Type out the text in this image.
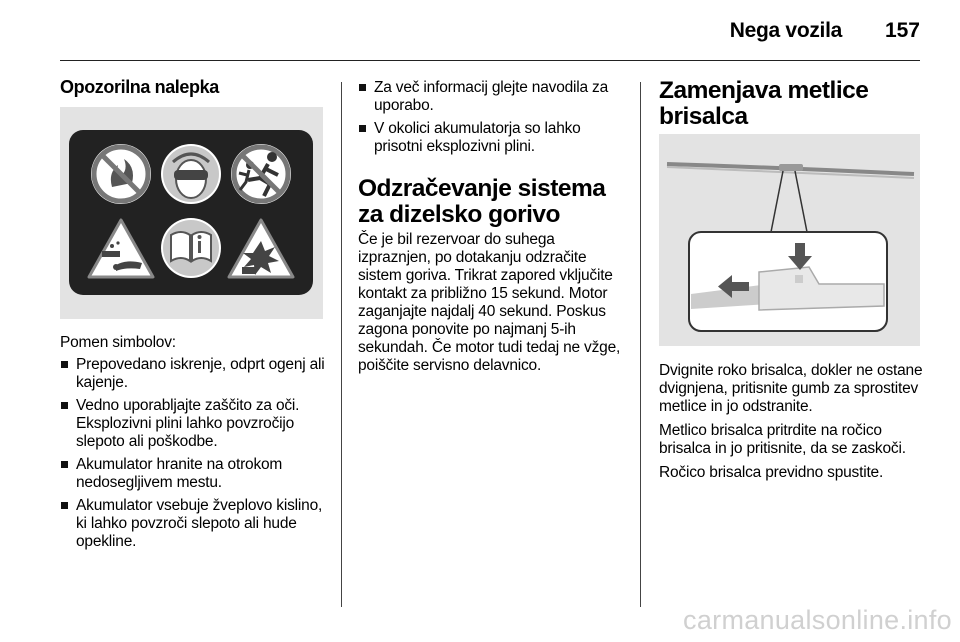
Nega vozila 157
Opozorilna nalepka
Pomen simbolov:
Prepovedano iskrenje, odprt ogenj ali kajenje.
Vedno uporabljajte zaščito za oči. Eksplozivni plini lahko povzročijo slepoto ali poškodbe.
Akumulator hranite na otrokom nedosegljivem mestu.
Akumulator vsebuje žveplovo kislino, ki lahko povzroči slepoto ali hude opekline.
Za več informacij glejte navodila za uporabo.
V okolici akumulatorja so lahko prisotni eksplozivni plini.
Odzračevanje sistema za dizelsko gorivo

Če je bil rezervoar do suhega izpraznjen, po dotakanju odzračite sistem goriva. Trikrat zapored vključite kontakt za približno 15 sekund. Motor zaganjajte najdalj 40 sekund. Poskus zagona ponovite po najmanj 5-ih sekundah. Če motor tudi tedaj ne vžge, poiščite servisno delavnico.

Zamenjava metlice brisalca

Dvignite roko brisalca, dokler ne ostane dvignjena, pritisnite gumb za sprostitev metlice in jo odstranite.

Metlico brisalca pritrdite na ročico brisalca in jo pritisnite, da se zaskoči.

Ročico brisalca previdno spustite.

carmanualsonline.info
